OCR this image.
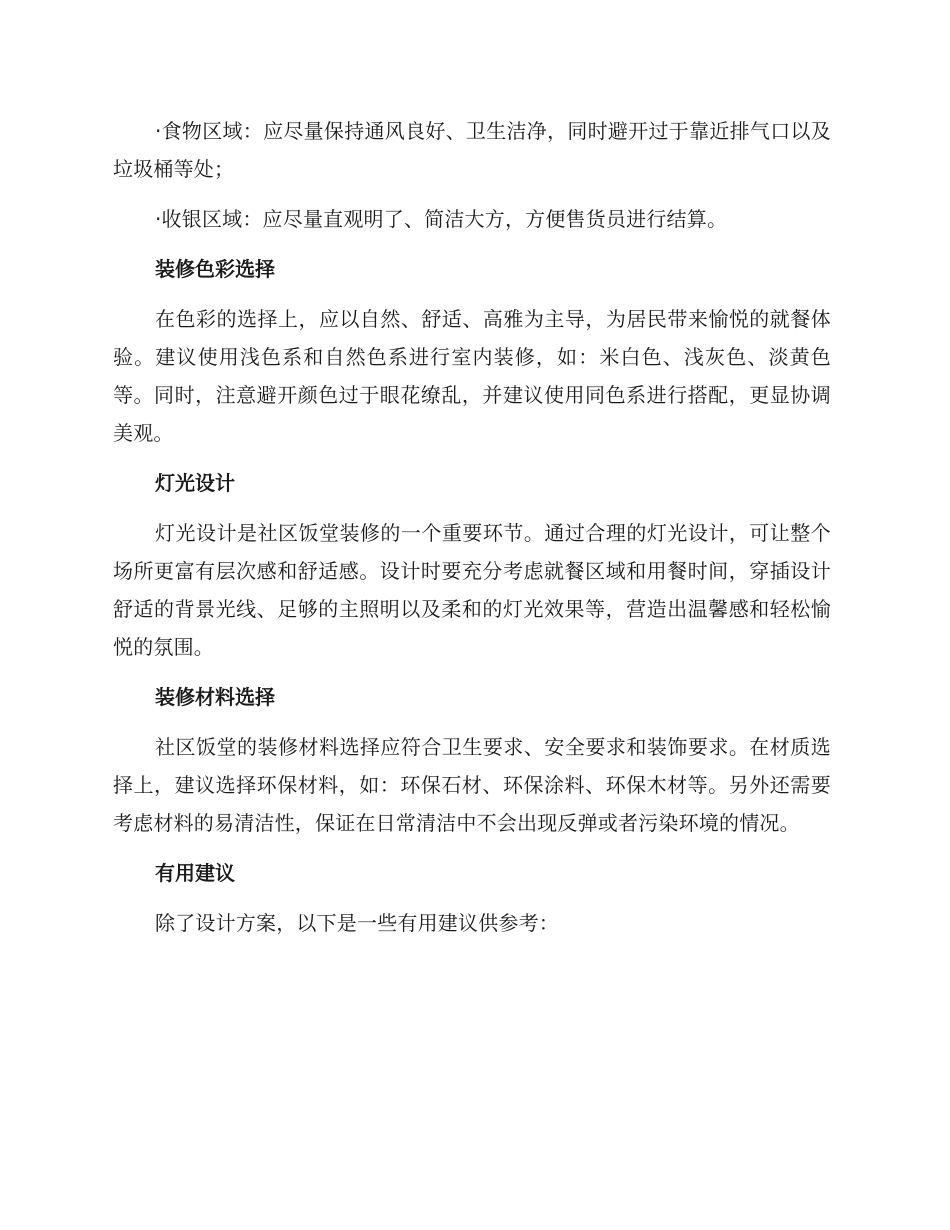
·食物区域：应尽量保持通风良好、卫生洁净，同时避开过于靠近排气口以及垃圾桶等处；

·收银区域：应尽量直观明了、简洁大方，方便售货员进行结算。

装修色彩选择

在色彩的选择上，应以自然、舒适、高雅为主导，为居民带来愉悦的就餐体验。建议使用浅色系和自然色系进行室内装修，如：米白色、浅灰色、淡黄色等。同时，注意避开颜色过于眼花缭乱，并建议使用同色系进行搭配，更显协调美观。

灯光设计

灯光设计是社区饭堂装修的一个重要环节。通过合理的灯光设计，可让整个场所更富有层次感和舒适感。设计时要充分考虑就餐区域和用餐时间，穿插设计舒适的背景光线、足够的主照明以及柔和的灯光效果等，营造出温馨感和轻松愉悦的氛围。

装修材料选择

社区饭堂的装修材料选择应符合卫生要求、安全要求和装饰要求。在材质选择上，建议选择环保材料，如：环保石材、环保涂料、环保木材等。另外还需要考虑材料的易清洁性，保证在日常清洁中不会出现反弹或者污染环境的情况。

有用建议

除了设计方案，以下是一些有用建议供参考：
